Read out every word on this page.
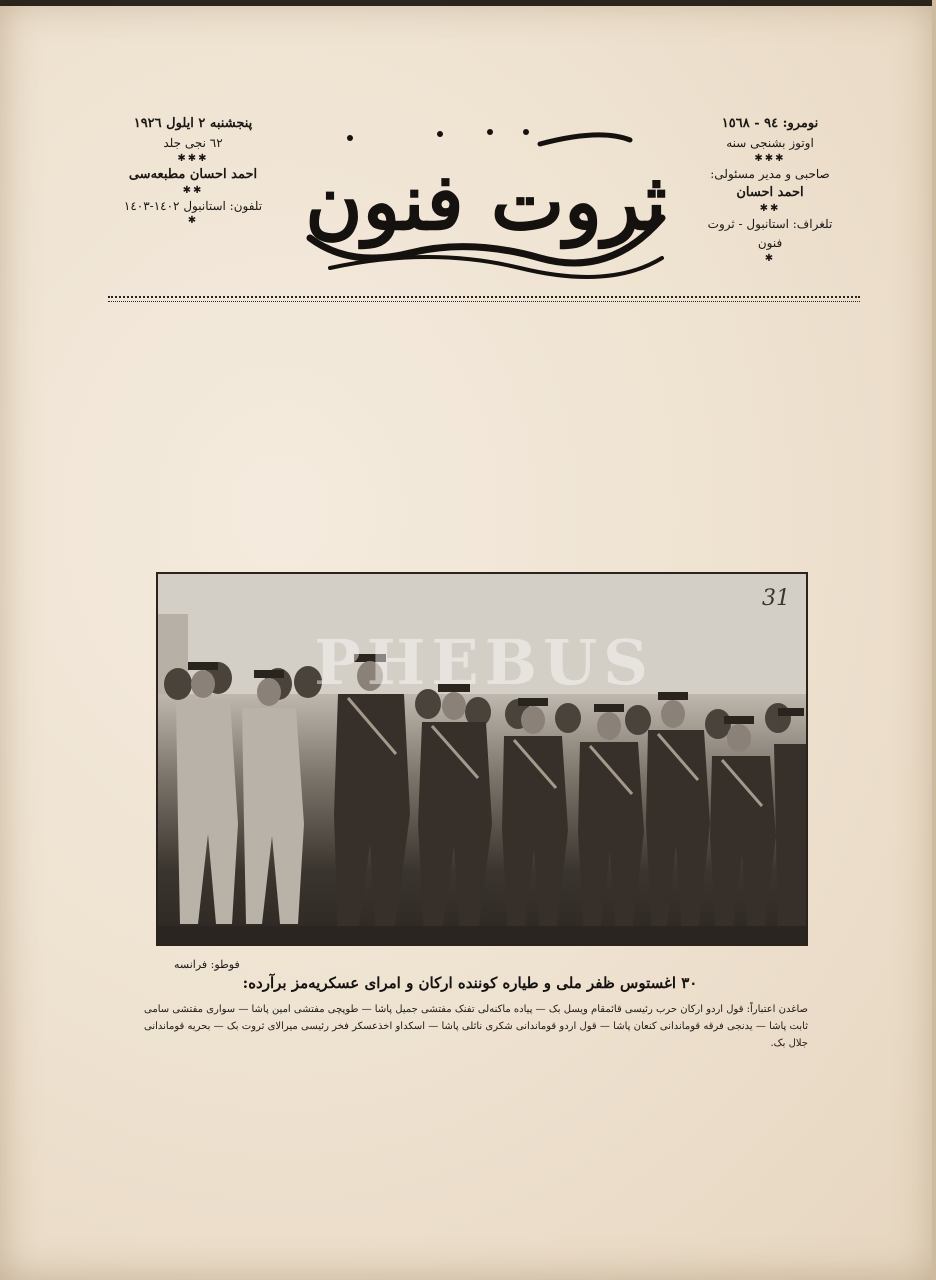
نومرو: ٩٤ - ١٥٦٨
اوتوز بشنجی سنه
✱✱✱
صاحبی و مدیر مسئولی:
احمد احسان
✱✱
تلغراف: استانبول - ثروت فنون
✱
ثروت فنون
پنجشنبه ٢ ایلول ١٩٢٦
٦٢ نجی جلد
✱✱✱
احمد احسان مطبعه‌سی
✱✱
تلفون: استانبول ١٤٠٢-١٤٠٣
✱
PHEBUS
31
فوطو: فرانسه
٣٠ اغستوس ظفر ملی و طیاره کوننده ارکان و امرای عسکریه‌مز برآرده:
صاغدن اعتباراً: قول اردو ارکان حرب رئیسی قائمقام ویسل بک — پیاده ماکنه‌لی تفنک مفتشی جمیل پاشا — طوپچی مفتشی امین پاشا — سواری مفتشی سامی ثابت پاشا — یدنجی فرقه قوماندانی کنعان پاشا — قول اردو قوماندانی شکری ناثلی پاشا — اسکداو اخذعسکر فخر رئیسی میرالای ثروت بک — بحریه قوماندانی جلال بک.
